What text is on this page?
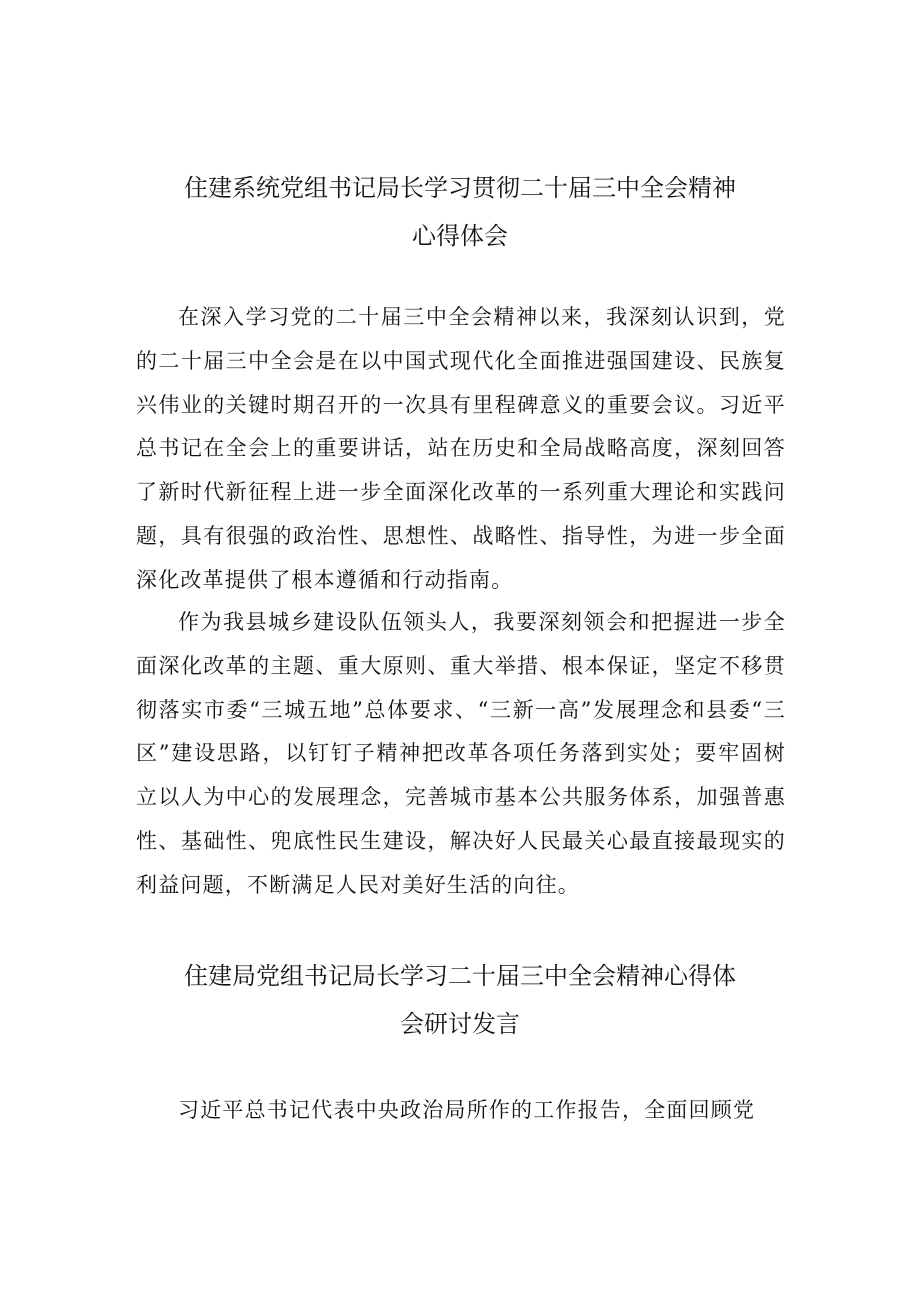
住建系统党组书记局长学习贯彻二十届三中全会精神
心得体会

在深入学习党的二十届三中全会精神以来，我深刻认识到，党的二十届三中全会是在以中国式现代化全面推进强国建设、民族复兴伟业的关键时期召开的一次具有里程碑意义的重要会议。习近平总书记在全会上的重要讲话，站在历史和全局战略高度，深刻回答了新时代新征程上进一步全面深化改革的一系列重大理论和实践问题，具有很强的政治性、思想性、战略性、指导性，为进一步全面深化改革提供了根本遵循和行动指南。

作为我县城乡建设队伍领头人，我要深刻领会和把握进一步全面深化改革的主题、重大原则、重大举措、根本保证，坚定不移贯彻落实市委“三城五地”总体要求、“三新一高”发展理念和县委“三区”建设思路，以钉钉子精神把改革各项任务落到实处；要牢固树立以人为中心的发展理念，完善城市基本公共服务体系，加强普惠性、基础性、兜底性民生建设，解决好人民最关心最直接最现实的利益问题，不断满足人民对美好生活的向往。

住建局党组书记局长学习二十届三中全会精神心得体
会研讨发言

习近平总书记代表中央政治局所作的工作报告，全面回顾党
